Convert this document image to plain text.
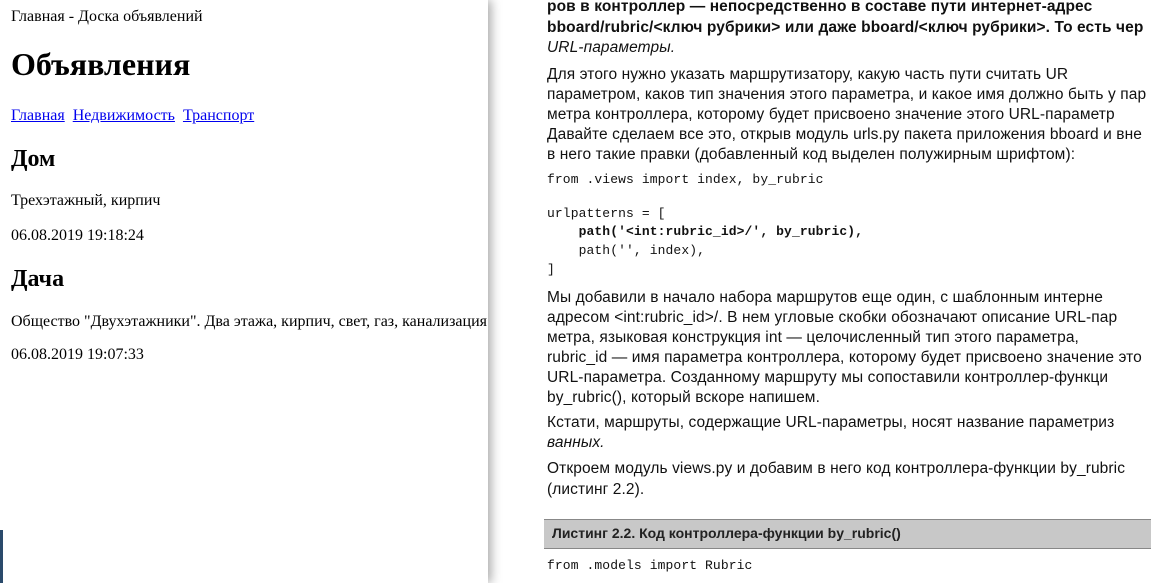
Главная - Доска объявлений
Объявления
Главная Недвижимость Транспорт
Дом

Трехэтажный, кирпич

06.08.2019 19:18:24

Дача

Общество "Двухэтажники". Два этажа, кирпич, свет, газ, канализация

06.08.2019 19:07:33

ров в контроллер — непосредственно в составе пути интернет-адрес
bboard/rubric/<ключ рубрики> или даже bboard/<ключ рубрики>. То есть чер
URL-параметры.
Для этого нужно указать маршрутизатору, какую часть пути считать UR
параметром, каков тип значения этого параметра, и какое имя должно быть у пар
метра контроллера, которому будет присвоено значение этого URL-параметр
Давайте сделаем все это, открыв модуль urls.py пакета приложения bboard и вне
в него такие правки (добавленный код выделен полужирным шрифтом):
from .views import index, by_rubric
urlpatterns = [
path('<int:rubric_id>/', by_rubric),
path('', index),
]
Мы добавили в начало набора маршрутов еще один, с шаблонным интерне
адресом <int:rubric_id>/. В нем угловые скобки обозначают описание URL-пар
метра, языковая конструкция int — целочисленный тип этого параметра,
rubric_id — имя параметра контроллера, которому будет присвоено значение это
URL-параметра. Созданному маршруту мы сопоставили контроллер-функци
by_rubric(), который вскоре напишем.
Кстати, маршруты, содержащие URL-параметры, носят название параметриз
ванных.
Откроем модуль views.py и добавим в него код контроллера-функции by_rubric
(листинг 2.2).
Листинг 2.2. Код контроллера-функции by_rubric()
from .models import Rubric
